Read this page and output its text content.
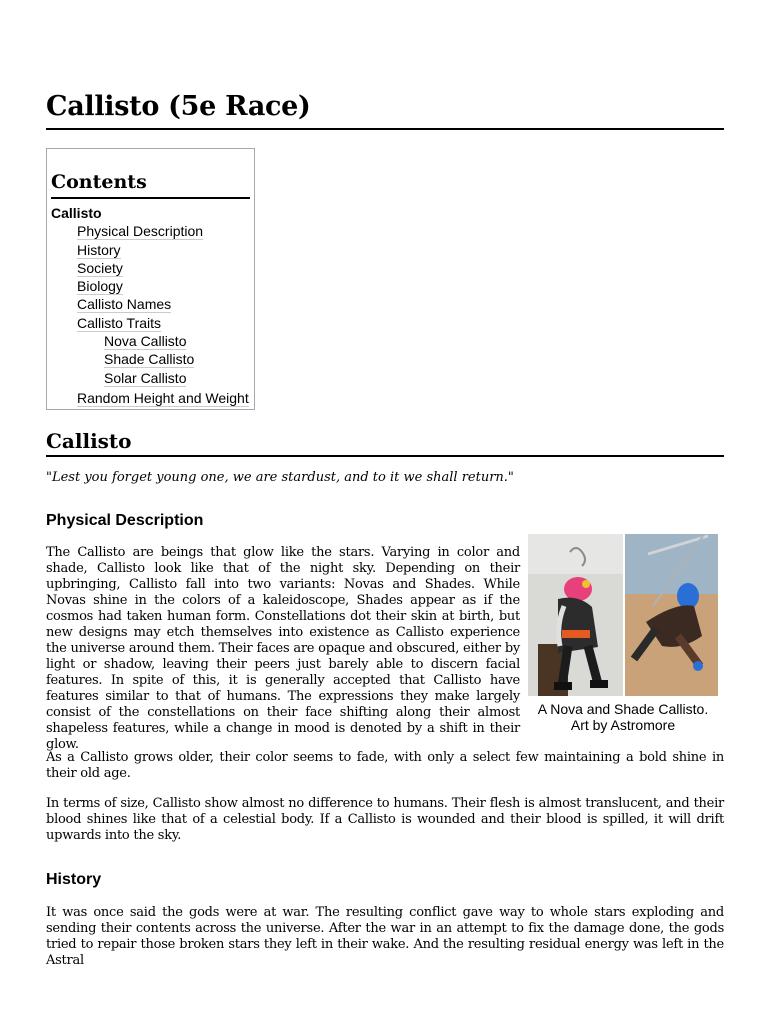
Callisto (5e Race)
Contents
Callisto
Physical Description
History
Society
Biology
Callisto Names
Callisto Traits
Nova Callisto
Shade Callisto
Solar Callisto
Random Height and Weight
Callisto
"Lest you forget young one, we are stardust, and to it we shall return."
Physical Description

The Callisto are beings that glow like the stars. Varying in color and shade, Callisto look like that of the night sky. Depending on their upbringing, Callisto fall into two variants: Novas and Shades. While Novas shine in the colors of a kaleidoscope, Shades appear as if the cosmos had taken human form. Constellations dot their skin at birth, but new designs may etch themselves into existence as Callisto experience the universe around them. Their faces are opaque and obscured, either by light or shadow, leaving their peers just barely able to discern facial features. In spite of this, it is generally accepted that Callisto have features similar to that of humans. The expressions they make largely consist of the constellations on their face shifting along their almost shapeless features, while a change in mood is denoted by a shift in their glow.

A Nova and Shade Callisto.
Art by Astromore

As a Callisto grows older, their color seems to fade, with only a select few maintaining a bold shine in their old age.

In terms of size, Callisto show almost no difference to humans. Their flesh is almost translucent, and their blood shines like that of a celestial body. If a Callisto is wounded and their blood is spilled, it will drift upwards into the sky.

History

It was once said the gods were at war. The resulting conflict gave way to whole stars exploding and sending their contents across the universe. After the war in an attempt to fix the damage done, the gods tried to repair those broken stars they left in their wake. And the resulting residual energy was left in the Astral
